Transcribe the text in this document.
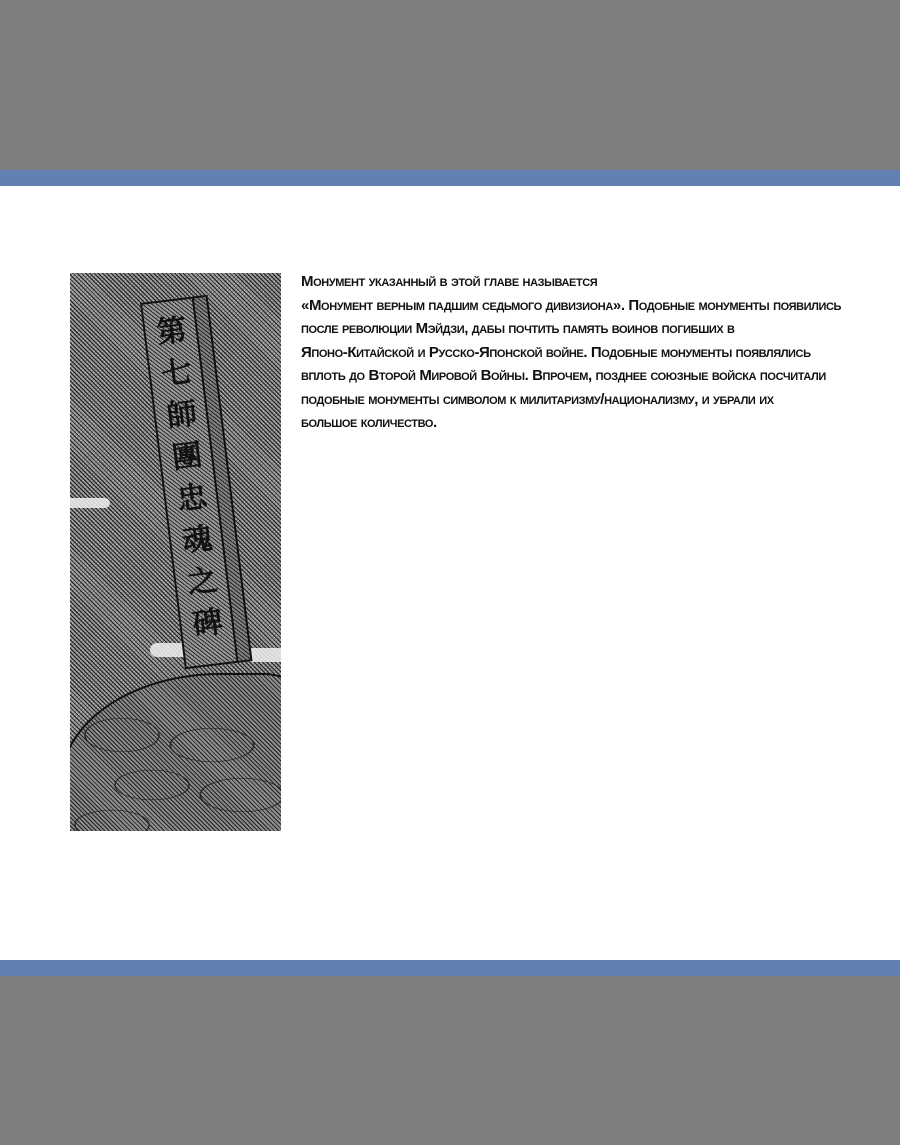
第
七
師
團
忠
魂
之
碑
Монумент указанный в этой главе называется
«Монумент верным падшим седьмого дивизиона». Подобные монументы появились
после революции Мэйдзи, дабы почтить память воинов погибших в
Японо-Китайской и Русско-Японской войне. Подобные монументы появлялись
вплоть до Второй Мировой Войны. Впрочем, позднее союзные войска посчитали
подобные монументы символом к милитаризму/национализму, и убрали их
большое количество.
